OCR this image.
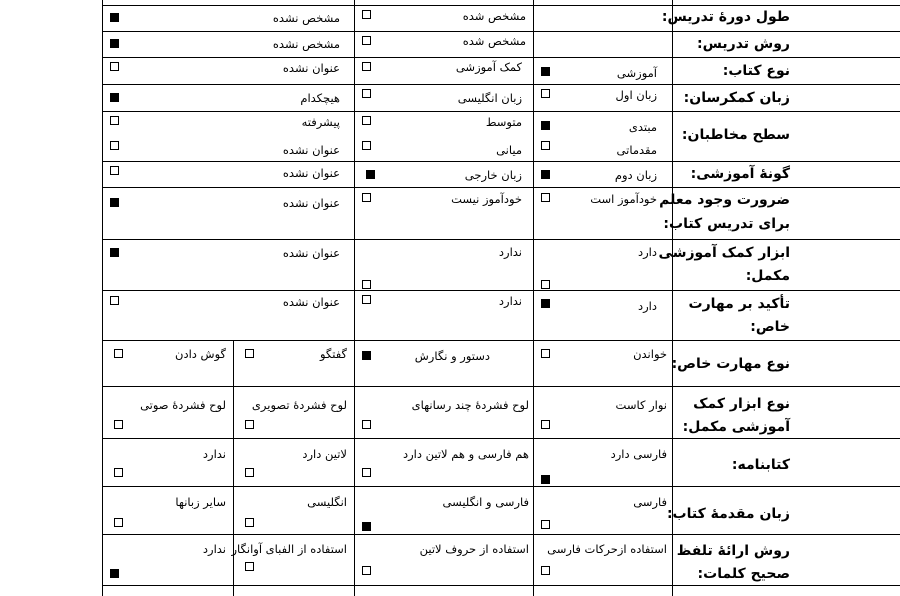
طول دورهٔ تدریس:
مشخص شده
مشخص نشده
روش تدریس:
مشخص شده
مشخص نشده
نوع کتاب:
آموزشی
کمک آموزشی
عنوان نشده
زبان کمکرسان:
زبان اول
زبان انگلیسی
هیچکدام
سطح مخاطبان:
مبتدی
متوسط
پیشرفته
مقدماتی
میانی
عنوان نشده
گونهٔ آموزشی:
زبان دوم
زبان خارجی
عنوان نشده
ضرورت وجود معلم
برای تدریس کتاب:
خودآموز است
خودآموز نیست
عنوان نشده
ابزار کمک آموزشی
مکمل:
دارد
ندارد
عنوان نشده
تأکید بر مهارت
خاص:
دارد
ندارد
عنوان نشده
نوع مهارت خاص:
خواندن
دستور و نگارش
گفتگو
گوش دادن
نوع ابزار کمک
آموزشی مکمل:
نوار کاست
لوح فشردهٔ چند رسانهای
لوح فشردهٔ تصویری
لوح فشردهٔ صوتی
کتابنامه:
فارسی دارد
هم فارسی و هم لاتین دارد
لاتین دارد
ندارد
زبان مقدمهٔ کتاب:
فارسی
فارسی و انگلیسی
انگلیسی
سایر زبانها
روش ارائهٔ تلفظ
صحیح کلمات:
استفاده ازحرکات فارسی
استفاده از حروف لاتین
استفاده از الفبای آوانگار
ندارد
